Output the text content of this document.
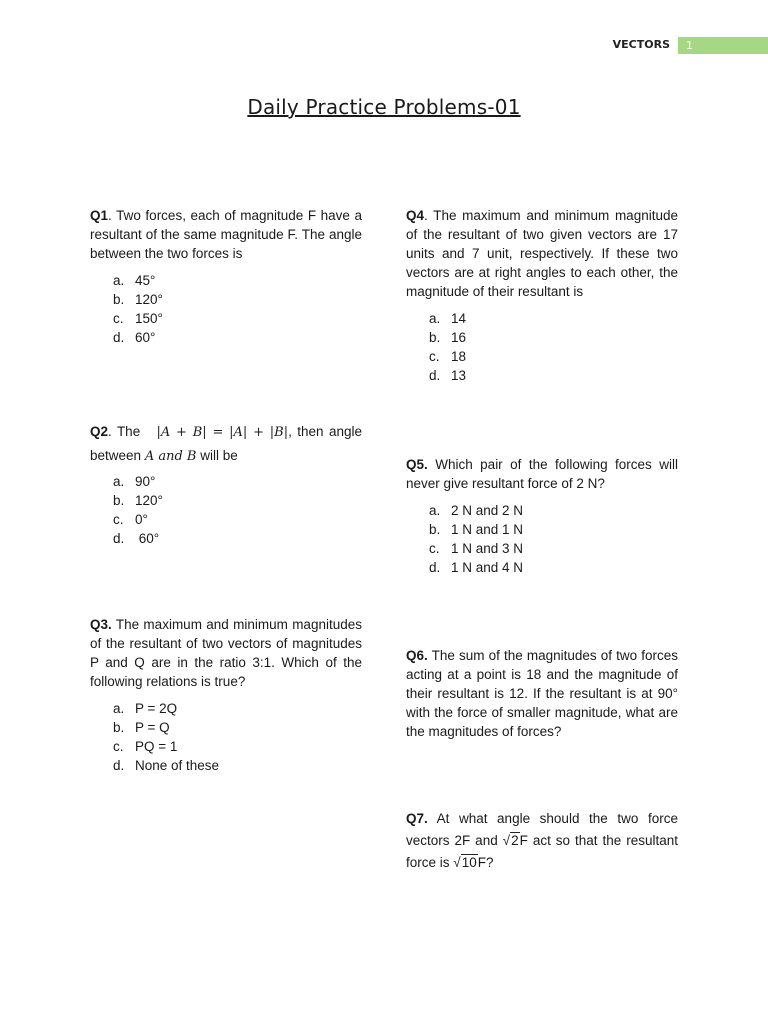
VECTORS 1
Daily Practice Problems-01

Q1. Two forces, each of magnitude F have a resultant of the same magnitude F. The angle between the two forces is

a. 45°
b. 120°
c. 150°
d. 60°

Q2. The |A + B| = |A| + |B|, then angle between A and B will be

a. 90°
b. 120°
c. 0°
d. 60°

Q3. The maximum and minimum magnitudes of the resultant of two vectors of magnitudes P and Q are in the ratio 3:1. Which of the following relations is true?

a. P = 2Q
b. P = Q
c. PQ = 1
d. None of these

Q4. The maximum and minimum magnitude of the resultant of two given vectors are 17 units and 7 unit, respectively. If these two vectors are at right angles to each other, the magnitude of their resultant is

a. 14
b. 16
c. 18
d. 13

Q5. Which pair of the following forces will never give resultant force of 2 N?

a. 2 N and 2 N
b. 1 N and 1 N
c. 1 N and 3 N
d. 1 N and 4 N

Q6. The sum of the magnitudes of two forces acting at a point is 18 and the magnitude of their resultant is 12. If the resultant is at 90° with the force of smaller magnitude, what are the magnitudes of forces?

Q7. At what angle should the two force vectors 2F and √2F act so that the resultant force is √10F?
